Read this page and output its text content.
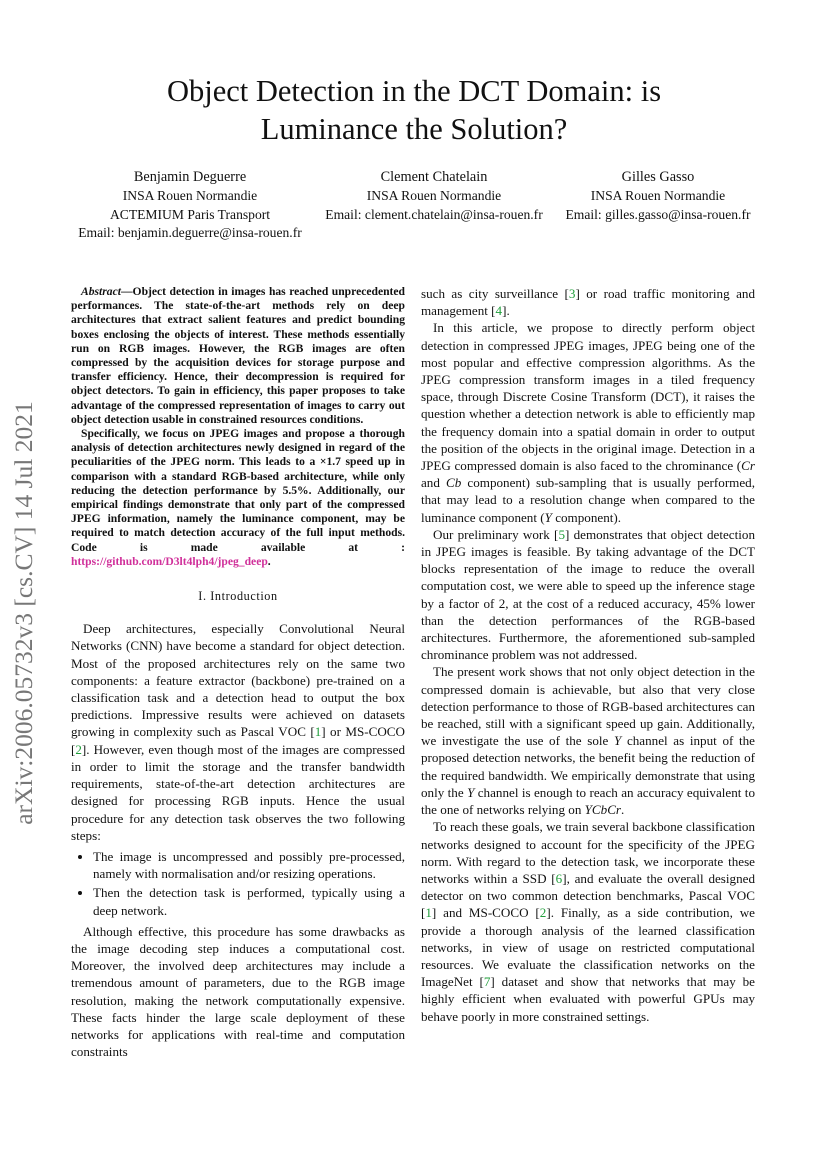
arXiv:2006.05732v3 [cs.CV] 14 Jul 2021
Object Detection in the DCT Domain: is
Luminance the Solution?
Benjamin Deguerre
INSA Rouen Normandie
ACTEMIUM Paris Transport
Email: benjamin.deguerre@insa-rouen.fr
Clement Chatelain
INSA Rouen Normandie
Email: clement.chatelain@insa-rouen.fr
Gilles Gasso
INSA Rouen Normandie
Email: gilles.gasso@insa-rouen.fr

Abstract—Object detection in images has reached unprecedented performances. The state-of-the-art methods rely on deep architectures that extract salient features and predict bounding boxes enclosing the objects of interest. These methods essentially run on RGB images. However, the RGB images are often compressed by the acquisition devices for storage purpose and transfer efficiency. Hence, their decompression is required for object detectors. To gain in efficiency, this paper proposes to take advantage of the compressed representation of images to carry out object detection usable in constrained resources conditions.

Specifically, we focus on JPEG images and propose a thorough analysis of detection architectures newly designed in regard of the peculiarities of the JPEG norm. This leads to a ×1.7 speed up in comparison with a standard RGB-based architecture, while only reducing the detection performance by 5.5%. Additionally, our empirical findings demonstrate that only part of the compressed JPEG information, namely the luminance component, may be required to match detection accuracy of the full input methods. Code is made available at : https://github.com/D3lt4lph4/jpeg_deep.

I. Introduction

Deep architectures, especially Convolutional Neural Networks (CNN) have become a standard for object detection. Most of the proposed architectures rely on the same two components: a feature extractor (backbone) pre-trained on a classification task and a detection head to output the box predictions. Impressive results were achieved on datasets growing in complexity such as Pascal VOC [1] or MS-COCO [2]. However, even though most of the images are compressed in order to limit the storage and the transfer bandwidth requirements, state-of-the-art detection architectures are designed for processing RGB inputs. Hence the usual procedure for any detection task observes the two following steps:

• The image is uncompressed and possibly pre-processed, namely with normalisation and/or resizing operations.
• Then the detection task is performed, typically using a deep network.

Although effective, this procedure has some drawbacks as the image decoding step induces a computational cost. Moreover, the involved deep architectures may include a tremendous amount of parameters, due to the RGB image resolution, making the network computationally expensive. These facts hinder the large scale deployment of these networks for applications with real-time and computation constraints

such as city surveillance [3] or road traffic monitoring and management [4].

In this article, we propose to directly perform object detection in compressed JPEG images, JPEG being one of the most popular and effective compression algorithms. As the JPEG compression transform images in a tiled frequency space, through Discrete Cosine Transform (DCT), it raises the question whether a detection network is able to efficiently map the frequency domain into a spatial domain in order to output the position of the objects in the original image. Detection in a JPEG compressed domain is also faced to the chrominance (Cr and Cb component) sub-sampling that is usually performed, that may lead to a resolution change when compared to the luminance component (Y component).

Our preliminary work [5] demonstrates that object detection in JPEG images is feasible. By taking advantage of the DCT blocks representation of the image to reduce the overall computation cost, we were able to speed up the inference stage by a factor of 2, at the cost of a reduced accuracy, 45% lower than the detection performances of the RGB-based architectures. Furthermore, the aforementioned sub-sampled chrominance problem was not addressed.

The present work shows that not only object detection in the compressed domain is achievable, but also that very close detection performance to those of RGB-based architectures can be reached, still with a significant speed up gain. Additionally, we investigate the use of the sole Y channel as input of the proposed detection networks, the benefit being the reduction of the required bandwidth. We empirically demonstrate that using only the Y channel is enough to reach an accuracy equivalent to the one of networks relying on YCbCr.

To reach these goals, we train several backbone classification networks designed to account for the specificity of the JPEG norm. With regard to the detection task, we incorporate these networks within a SSD [6], and evaluate the overall designed detector on two common detection benchmarks, Pascal VOC [1] and MS-COCO [2]. Finally, as a side contribution, we provide a thorough analysis of the learned classification networks, in view of usage on restricted computational resources. We evaluate the classification networks on the ImageNet [7] dataset and show that networks that may be highly efficient when evaluated with powerful GPUs may behave poorly in more constrained settings.
